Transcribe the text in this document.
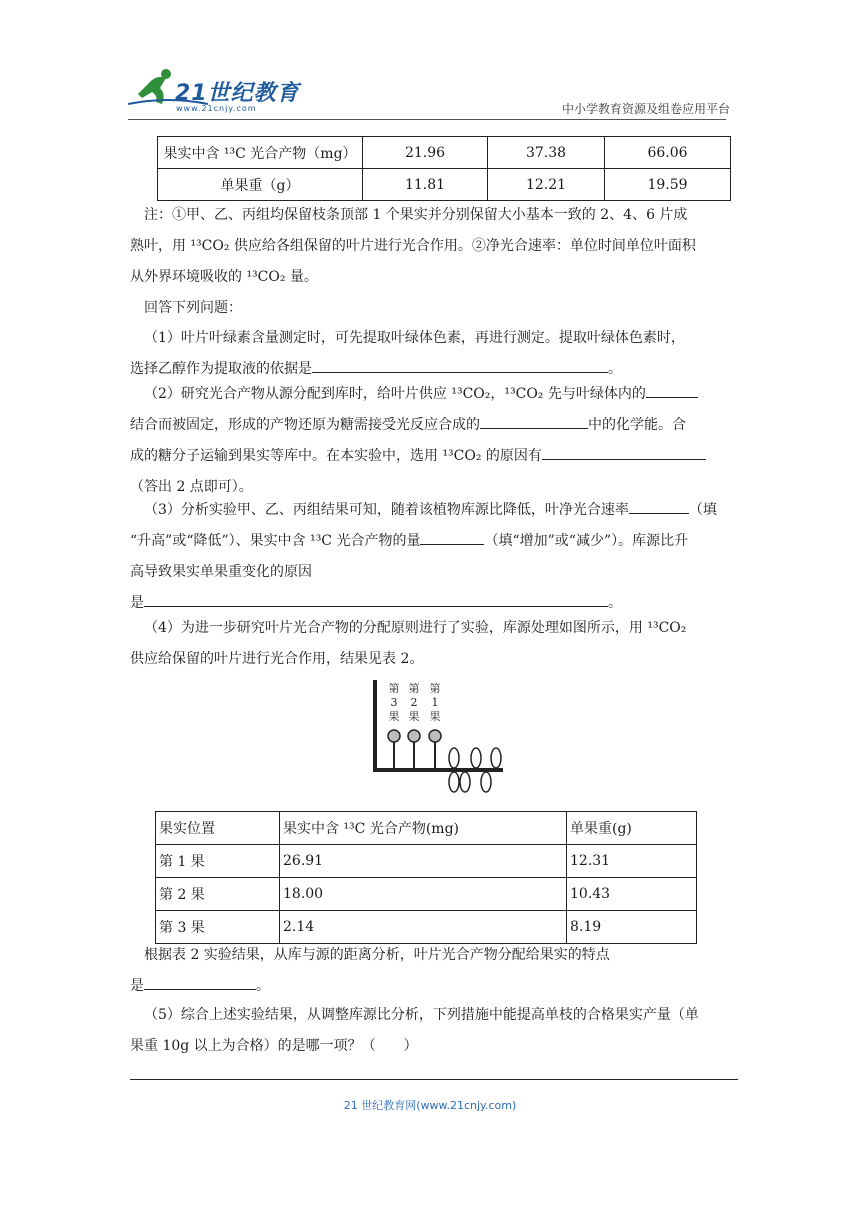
21世纪教育
www.21cnjy.com	中小学教育资源及组卷应用平台
果实中含 ¹³C 光合产物（mg）	21.96	37.38	66.06
单果重（g）	11.81	12.21	19.59
注：①甲、乙、丙组均保留枝条顶部 1 个果实并分别保留大小基本一致的 2、4、6 片成
熟叶，用 ¹³CO₂ 供应给各组保留的叶片进行光合作用。②净光合速率：单位时间单位叶面积
从外界环境吸收的 ¹³CO₂ 量。
回答下列问题：
（1）叶片叶绿素含量测定时，可先提取叶绿体色素，再进行测定。提取叶绿体色素时，
选择乙醇作为提取液的依据是	。
（2）研究光合产物从源分配到库时，给叶片供应 ¹³CO₂，¹³CO₂ 先与叶绿体内的
结合而被固定，形成的产物还原为糖需接受光反应合成的	中的化学能。合
成的糖分子运输到果实等库中。在本实验中，选用 ¹³CO₂ 的原因有
（答出 2 点即可）。
（3）分析实验甲、乙、丙组结果可知，随着该植物库源比降低，叶净光合速率	（填
“升高”或“降低”）、果实中含 ¹³C 光合产物的量	（填“增加”或“减少”）。库源比升
高导致果实单果重变化的原因
是	。
（4）为进一步研究叶片光合产物的分配原则进行了实验，库源处理如图所示，用 ¹³CO₂
供应给保留的叶片进行光合作用，结果见表 2。
第
3
果
第
2
果
第
1
果
果实位置	果实中含 ¹³C 光合产物(mg)	单果重(g)
第 1 果	26.91	12.31
第 2 果	18.00	10.43
第 3 果	2.14	8.19
根据表 2 实验结果，从库与源的距离分析，叶片光合产物分配给果实的特点
是	。
（5）综合上述实验结果，从调整库源比分析，下列措施中能提高单枝的合格果实产量（单
果重 10g 以上为合格）的是哪一项？（　　）
21 世纪教育网(www.21cnjy.com)
